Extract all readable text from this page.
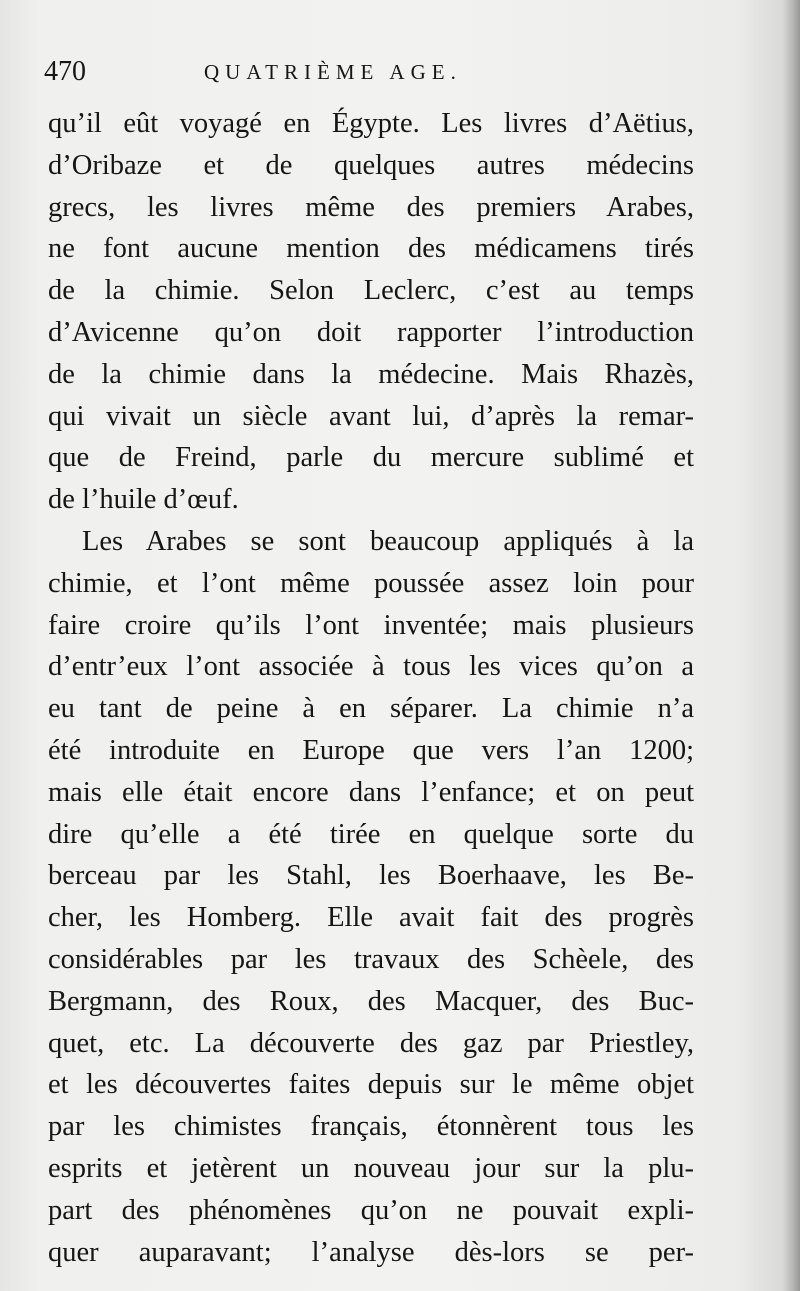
470	QUATRIÈME AGE.
qu’il eût voyagé en Égypte. Les livres d’Aëtius,
d’Oribaze et de quelques autres médecins
grecs, les livres même des premiers Arabes,
ne font aucune mention des médicamens tirés
de la chimie. Selon Leclerc, c’est au temps
d’Avicenne qu’on doit rapporter l’introduction
de la chimie dans la médecine. Mais Rhazès,
qui vivait un siècle avant lui, d’après la remar-
que de Freind, parle du mercure sublimé et
de l’huile d’œuf.
Les Arabes se sont beaucoup appliqués à la
chimie, et l’ont même poussée assez loin pour
faire croire qu’ils l’ont inventée; mais plusieurs
d’entr’eux l’ont associée à tous les vices qu’on a
eu tant de peine à en séparer. La chimie n’a
été introduite en Europe que vers l’an 1200;
mais elle était encore dans l’enfance; et on peut
dire qu’elle a été tirée en quelque sorte du
berceau par les Stahl, les Boerhaave, les Be-
cher, les Homberg. Elle avait fait des progrès
considérables par les travaux des Schèele, des
Bergmann, des Roux, des Macquer, des Buc-
quet, etc. La découverte des gaz par Priestley,
et les découvertes faites depuis sur le même objet
par les chimistes français, étonnèrent tous les
esprits et jetèrent un nouveau jour sur la plu-
part des phénomènes qu’on ne pouvait expli-
quer auparavant; l’analyse dès-lors se per-
